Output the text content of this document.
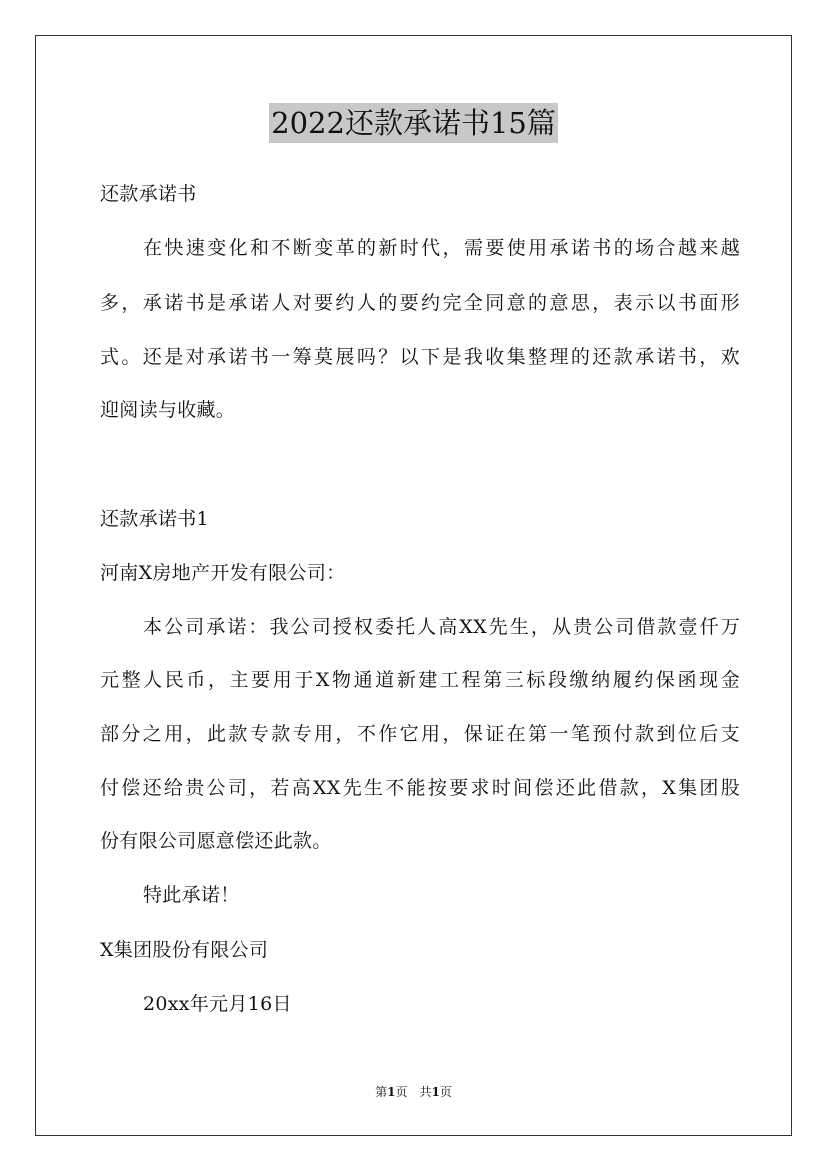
2022还款承诺书15篇
还款承诺书
在快速变化和不断变革的新时代，需要使用承诺书的场合越来越
多，承诺书是承诺人对要约人的要约完全同意的意思，表示以书面形
式。还是对承诺书一筹莫展吗？以下是我收集整理的还款承诺书，欢
迎阅读与收藏。
还款承诺书1
河南X房地产开发有限公司：
本公司承诺：我公司授权委托人高XX先生，从贵公司借款壹仟万
元整人民币，主要用于X物通道新建工程第三标段缴纳履约保函现金
部分之用，此款专款专用，不作它用，保证在第一笔预付款到位后支
付偿还给贵公司，若高XX先生不能按要求时间偿还此借款，X集团股
份有限公司愿意偿还此款。
特此承诺！
X集团股份有限公司
20xx年元月16日
第1页　共1页
